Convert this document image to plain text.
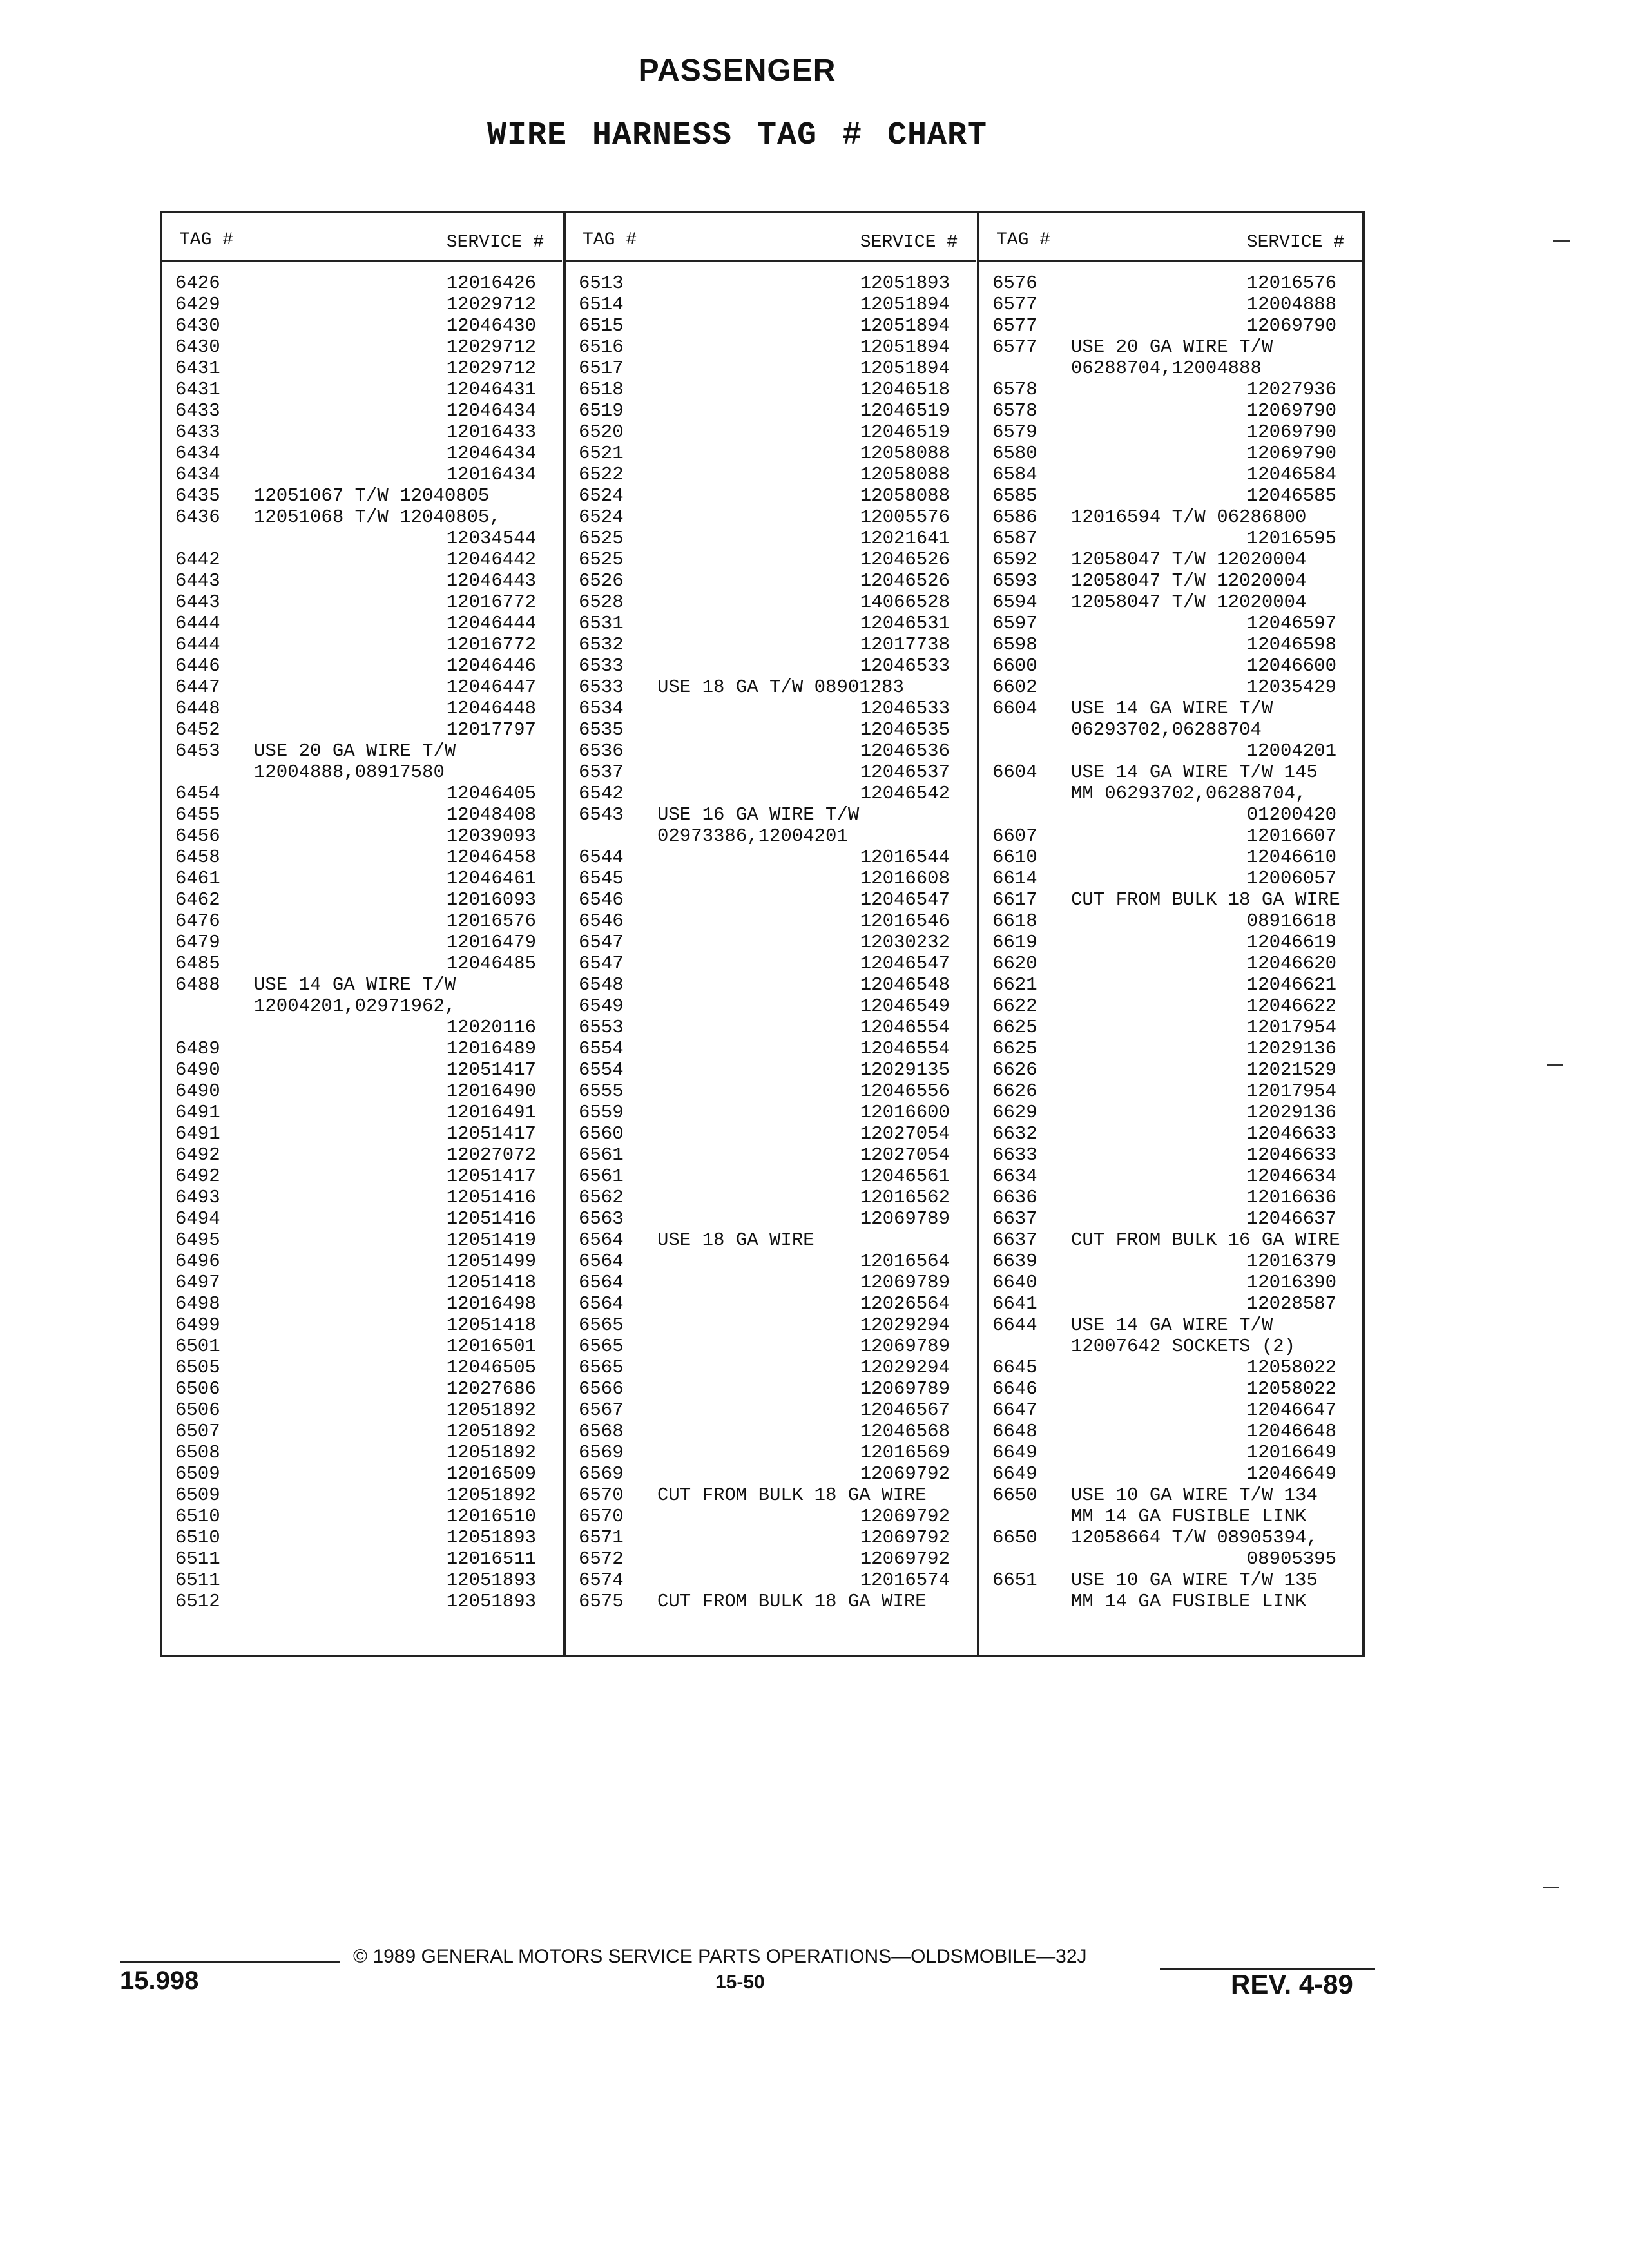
PASSENGER
WIRE HARNESS TAG # CHART
TAG #	SERVICE #
6426	12016426
6429	12029712
6430	12046430
6430	12029712
6431	12029712
6431	12046431
6433	12046434
6433	12016433
6434	12046434
6434	12016434
6435 12051067 T/W 12040805
6436 12051068 T/W 12040805,
12034544
6442	12046442
6443	12046443
6443	12016772
6444	12046444
6444	12016772
6446	12046446
6447	12046447
6448	12046448
6452	12017797
6453 USE 20 GA WIRE T/W
12004888,08917580
6454	12046405
6455	12048408
6456	12039093
6458	12046458
6461	12046461
6462	12016093
6476	12016576
6479	12016479
6485	12046485
6488 USE 14 GA WIRE T/W
12004201,02971962,
12020116
6489	12016489
6490	12051417
6490	12016490
6491	12016491
6491	12051417
6492	12027072
6492	12051417
6493	12051416
6494	12051416
6495	12051419
6496	12051499
6497	12051418
6498	12016498
6499	12051418
6501	12016501
6505	12046505
6506	12027686
6506	12051892
6507	12051892
6508	12051892
6509	12016509
6509	12051892
6510	12016510
6510	12051893
6511	12016511
6511	12051893
6512	12051893
TAG #	SERVICE #
6513	12051893
6514	12051894
6515	12051894
6516	12051894
6517	12051894
6518	12046518
6519	12046519
6520	12046519
6521	12058088
6522	12058088
6524	12058088
6524	12005576
6525	12021641
6525	12046526
6526	12046526
6528	14066528
6531	12046531
6532	12017738
6533	12046533
6533 USE 18 GA T/W 08901283
6534	12046533
6535	12046535
6536	12046536
6537	12046537
6542	12046542
6543 USE 16 GA WIRE T/W
02973386,12004201
6544	12016544
6545	12016608
6546	12046547
6546	12016546
6547	12030232
6547	12046547
6548	12046548
6549	12046549
6553	12046554
6554	12046554
6554	12029135
6555	12046556
6559	12016600
6560	12027054
6561	12027054
6561	12046561
6562	12016562
6563	12069789
6564 USE 18 GA WIRE
6564	12016564
6564	12069789
6564	12026564
6565	12029294
6565	12069789
6565	12029294
6566	12069789
6567	12046567
6568	12046568
6569	12016569
6569	12069792
6570 CUT FROM BULK 18 GA WIRE
6570	12069792
6571	12069792
6572	12069792
6574	12016574
6575 CUT FROM BULK 18 GA WIRE
TAG #	SERVICE #
6576	12016576
6577	12004888
6577	12069790
6577 USE 20 GA WIRE T/W
06288704,12004888
6578	12027936
6578	12069790
6579	12069790
6580	12069790
6584	12046584
6585	12046585
6586 12016594 T/W 06286800
6587	12016595
6592 12058047 T/W 12020004
6593 12058047 T/W 12020004
6594 12058047 T/W 12020004
6597	12046597
6598	12046598
6600	12046600
6602	12035429
6604 USE 14 GA WIRE T/W
06293702,06288704
12004201
6604 USE 14 GA WIRE T/W 145
MM 06293702,06288704,
01200420
6607	12016607
6610	12046610
6614	12006057
6617 CUT FROM BULK 18 GA WIRE
6618	08916618
6619	12046619
6620	12046620
6621	12046621
6622	12046622
6625	12017954
6625	12029136
6626	12021529
6626	12017954
6629	12029136
6632	12046633
6633	12046633
6634	12046634
6636	12016636
6637	12046637
6637 CUT FROM BULK 16 GA WIRE
6639	12016379
6640	12016390
6641	12028587
6644 USE 14 GA WIRE T/W
12007642 SOCKETS (2)
6645	12058022
6646	12058022
6647	12046647
6648	12046648
6649	12016649
6649	12046649
6650 USE 10 GA WIRE T/W 134
MM 14 GA FUSIBLE LINK
6650 12058664 T/W 08905394,
08905395
6651 USE 10 GA WIRE T/W 135
MM 14 GA FUSIBLE LINK
© 1989 GENERAL MOTORS SERVICE PARTS OPERATIONS—OLDSMOBILE—32J
15.998	15-50	REV. 4-89
